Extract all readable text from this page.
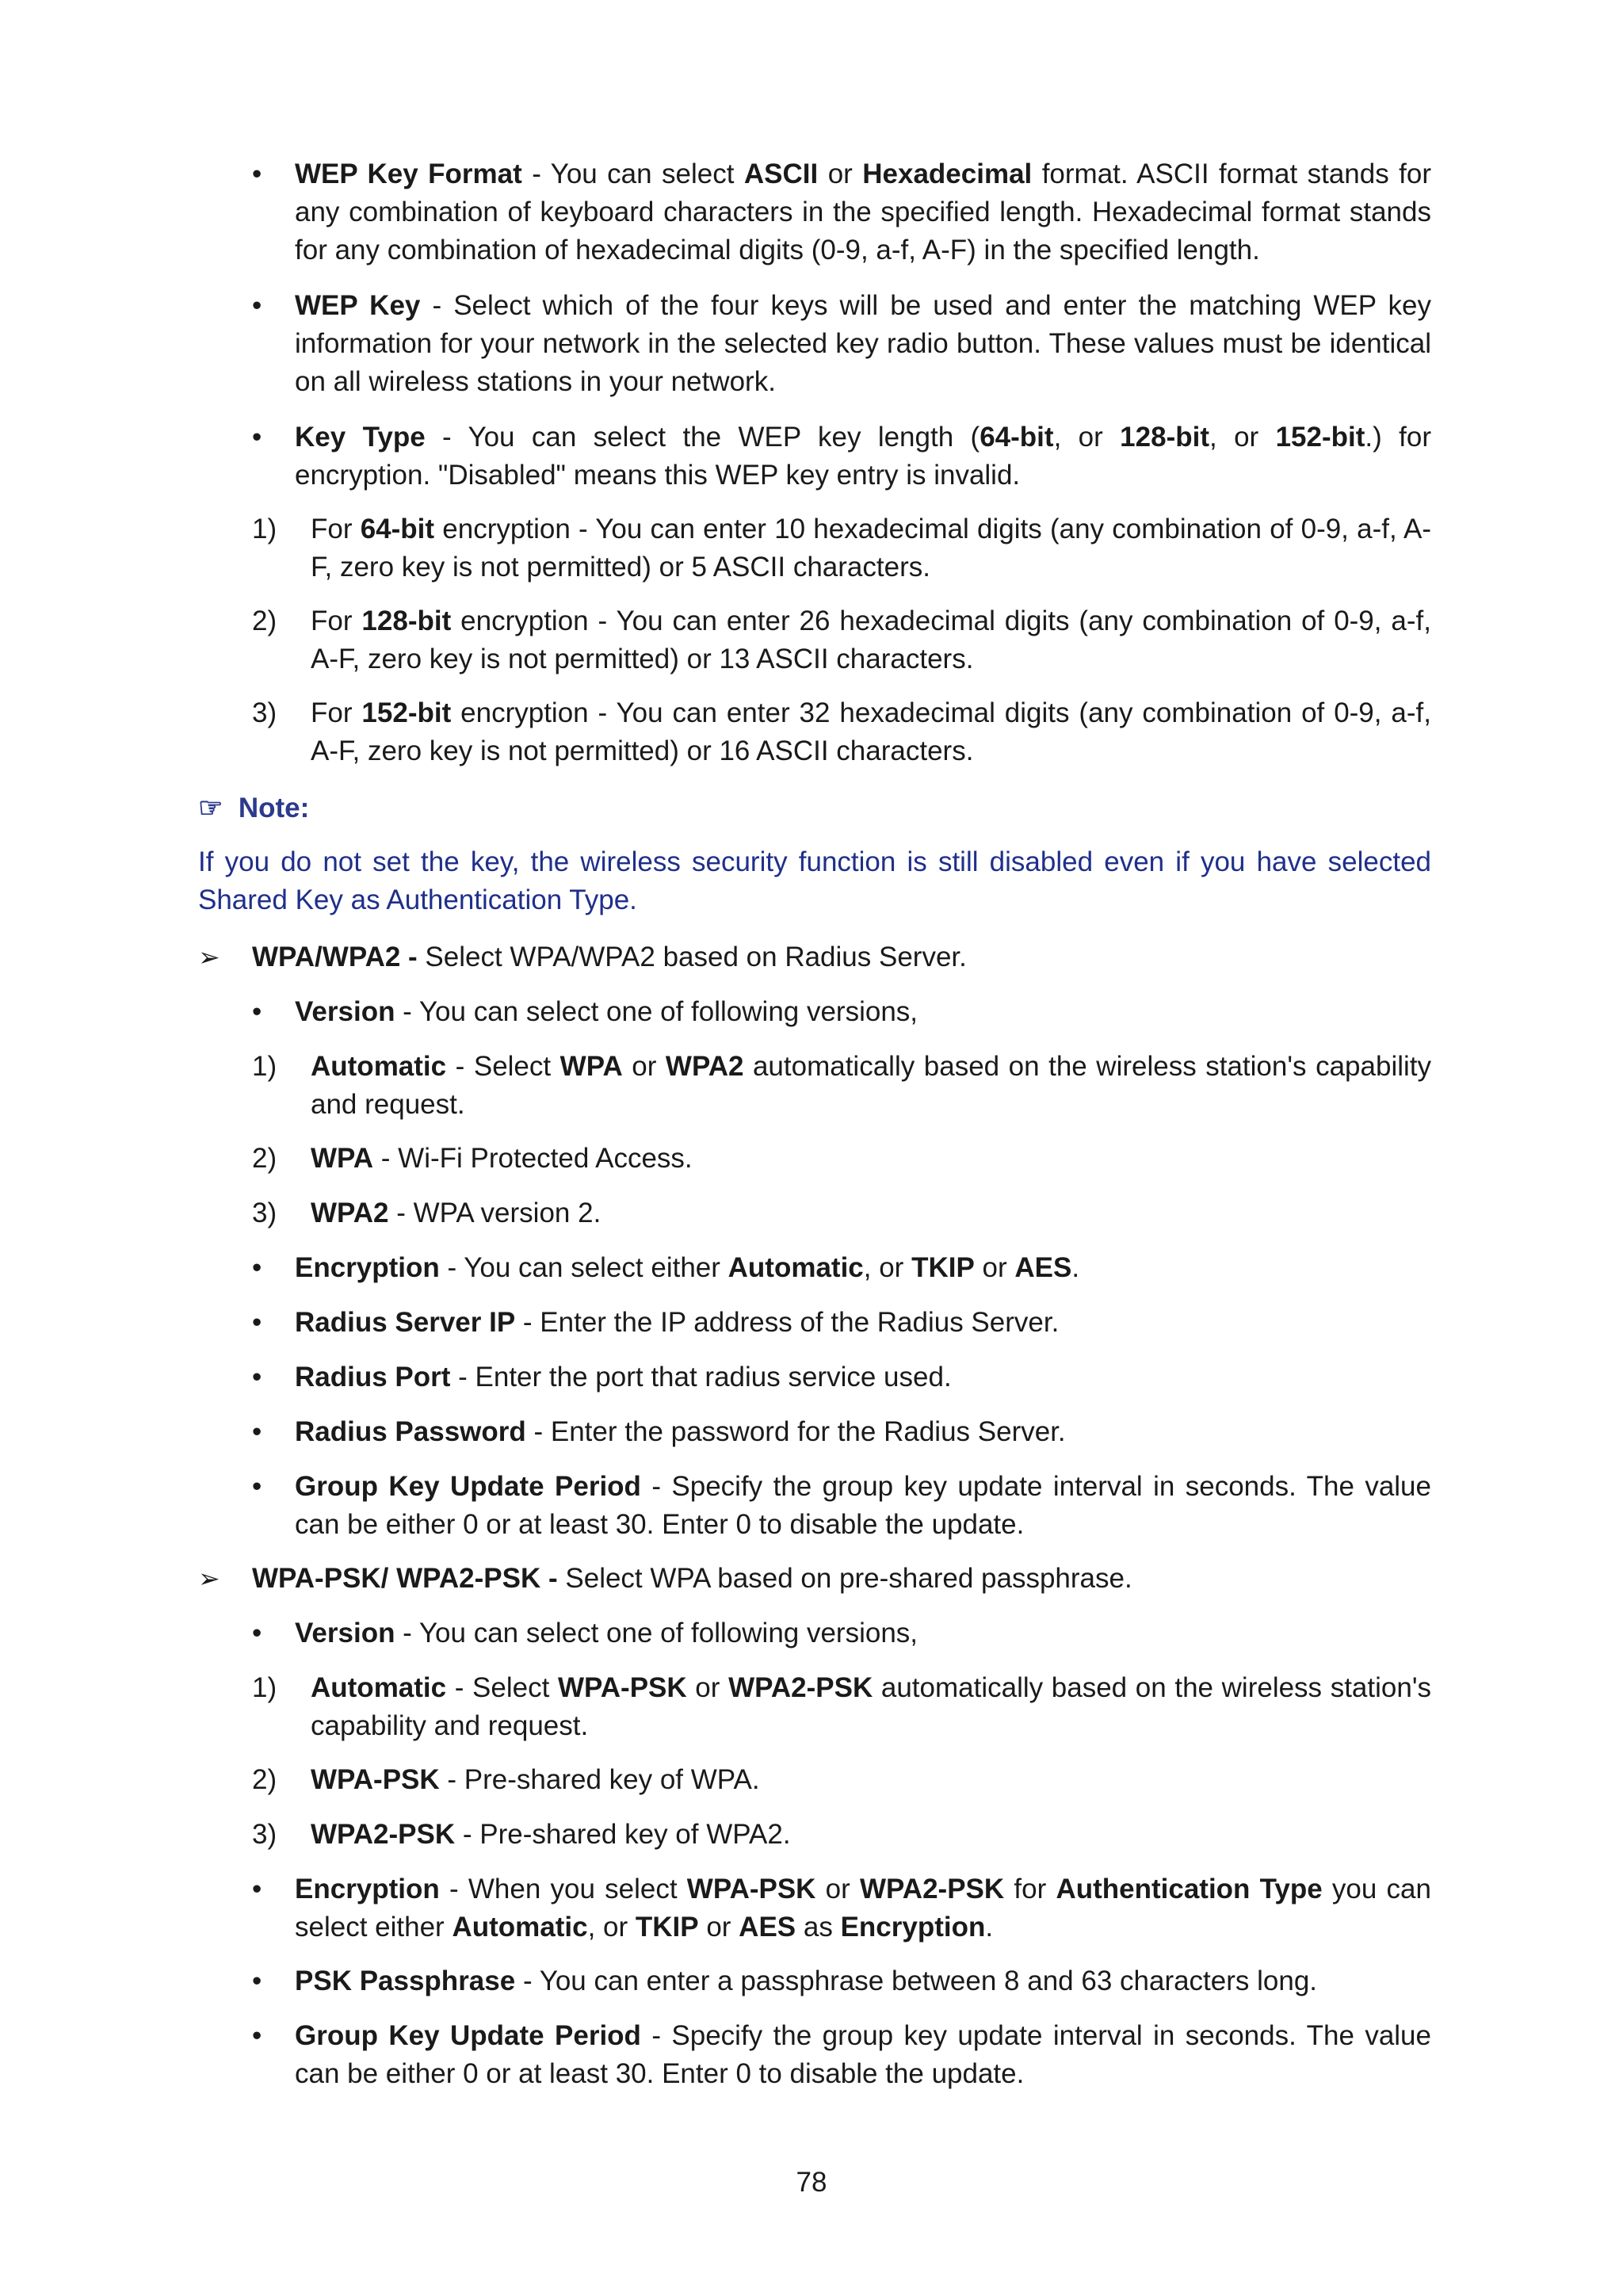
• WEP Key Format - You can select ASCII or Hexadecimal format. ASCII format stands for any combination of keyboard characters in the specified length. Hexadecimal format stands for any combination of hexadecimal digits (0-9, a-f, A-F) in the specified length.
• WEP Key - Select which of the four keys will be used and enter the matching WEP key information for your network in the selected key radio button. These values must be identical on all wireless stations in your network.
• Key Type - You can select the WEP key length (64-bit, or 128-bit, or 152-bit.) for encryption. "Disabled" means this WEP key entry is invalid.
1) For 64-bit encryption - You can enter 10 hexadecimal digits (any combination of 0-9, a-f, A-F, zero key is not permitted) or 5 ASCII characters.
2) For 128-bit encryption - You can enter 26 hexadecimal digits (any combination of 0-9, a-f, A-F, zero key is not permitted) or 13 ASCII characters.
3) For 152-bit encryption - You can enter 32 hexadecimal digits (any combination of 0-9, a-f, A-F, zero key is not permitted) or 16 ASCII characters.
☞ Note:
If you do not set the key, the wireless security function is still disabled even if you have selected Shared Key as Authentication Type.
➢ WPA/WPA2 - Select WPA/WPA2 based on Radius Server.
• Version - You can select one of following versions,
1) Automatic - Select WPA or WPA2 automatically based on the wireless station's capability and request.
2) WPA - Wi-Fi Protected Access.
3) WPA2 - WPA version 2.
• Encryption - You can select either Automatic, or TKIP or AES.
• Radius Server IP - Enter the IP address of the Radius Server.
• Radius Port - Enter the port that radius service used.
• Radius Password - Enter the password for the Radius Server.
• Group Key Update Period - Specify the group key update interval in seconds. The value can be either 0 or at least 30. Enter 0 to disable the update.
➢ WPA-PSK/ WPA2-PSK - Select WPA based on pre-shared passphrase.
• Version - You can select one of following versions,
1) Automatic - Select WPA-PSK or WPA2-PSK automatically based on the wireless station's capability and request.
2) WPA-PSK - Pre-shared key of WPA.
3) WPA2-PSK - Pre-shared key of WPA2.
• Encryption - When you select WPA-PSK or WPA2-PSK for Authentication Type you can select either Automatic, or TKIP or AES as Encryption.
• PSK Passphrase - You can enter a passphrase between 8 and 63 characters long.
• Group Key Update Period - Specify the group key update interval in seconds. The value can be either 0 or at least 30. Enter 0 to disable the update.
78
